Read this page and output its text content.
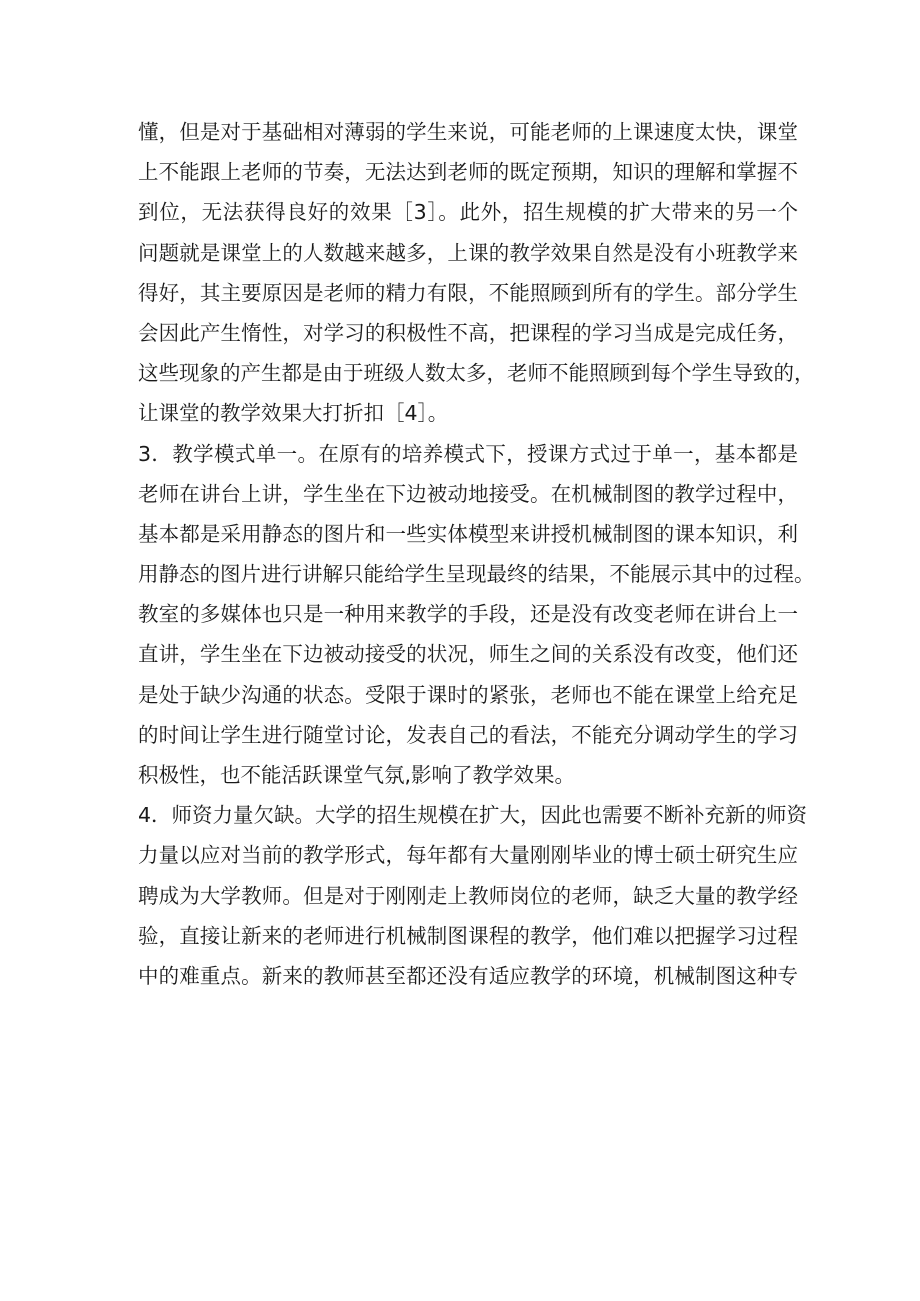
懂，但是对于基础相对薄弱的学生来说，可能老师的上课速度太快，课堂
上不能跟上老师的节奏，无法达到老师的既定预期，知识的理解和掌握不
到位，无法获得良好的效果［3］。此外，招生规模的扩大带来的另一个
问题就是课堂上的人数越来越多，上课的教学效果自然是没有小班教学来
得好，其主要原因是老师的精力有限，不能照顾到所有的学生。部分学生
会因此产生惰性，对学习的积极性不高，把课程的学习当成是完成任务，
这些现象的产生都是由于班级人数太多，老师不能照顾到每个学生导致的，
让课堂的教学效果大打折扣［4］。
3．教学模式单一。在原有的培养模式下，授课方式过于单一，基本都是
老师在讲台上讲，学生坐在下边被动地接受。在机械制图的教学过程中，
基本都是采用静态的图片和一些实体模型来讲授机械制图的课本知识，利
用静态的图片进行讲解只能给学生呈现最终的结果，不能展示其中的过程。
教室的多媒体也只是一种用来教学的手段，还是没有改变老师在讲台上一
直讲，学生坐在下边被动接受的状况，师生之间的关系没有改变，他们还
是处于缺少沟通的状态。受限于课时的紧张，老师也不能在课堂上给充足
的时间让学生进行随堂讨论，发表自己的看法，不能充分调动学生的学习
积极性，也不能活跃课堂气氛,影响了教学效果。
4．师资力量欠缺。大学的招生规模在扩大，因此也需要不断补充新的师资
力量以应对当前的教学形式，每年都有大量刚刚毕业的博士硕士研究生应
聘成为大学教师。但是对于刚刚走上教师岗位的老师，缺乏大量的教学经
验，直接让新来的老师进行机械制图课程的教学，他们难以把握学习过程
中的难重点。新来的教师甚至都还没有适应教学的环境，机械制图这种专
